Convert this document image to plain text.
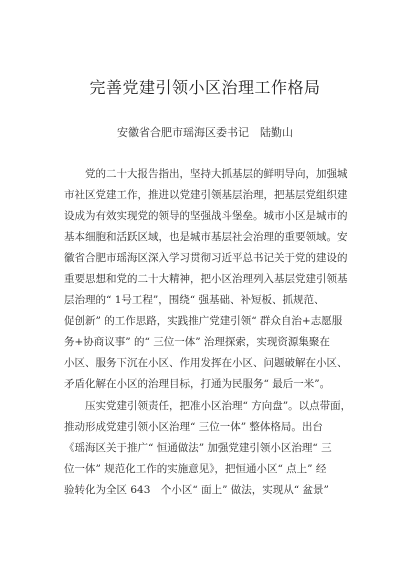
完善党建引领小区治理工作格局
安徽省合肥市瑶海区委书记　陆勤山
　　党的二十大报告指出，坚持大抓基层的鲜明导向，加强城
市社区党建工作，推进以党建引领基层治理，把基层党组织建
设成为有效实现党的领导的坚强战斗堡垒。城市小区是城市的
基本细胞和活跃区域，也是城市基层社会治理的重要领域。安
徽省合肥市瑶海区深入学习贯彻习近平总书记关于党的建设的
重要思想和党的二十大精神，把小区治理列入基层党建引领基
层治理的“ 1号工程”，围绕“ 强基础、补短板、抓规范、
促创新” 的工作思路，实践推广党建引领“ 群众自治+志愿服
务+协商议事” 的“ 三位一体” 治理探索，实现资源集聚在
小区、服务下沉在小区、作用发挥在小区、问题破解在小区、
矛盾化解在小区的治理目标，打通为民服务“ 最后一米”。
　　压实党建引领责任，把准小区治理“ 方向盘”。以点带面，
推动形成党建引领小区治理“ 三位一体” 整体格局。出台
《瑶海区关于推广“ 恒通做法” 加强党建引领小区治理“ 三
位一体” 规范化工作的实施意见》，把恒通小区“ 点上” 经
验转化为全区 643　个小区“ 面上” 做法，实现从“ 盆景”
